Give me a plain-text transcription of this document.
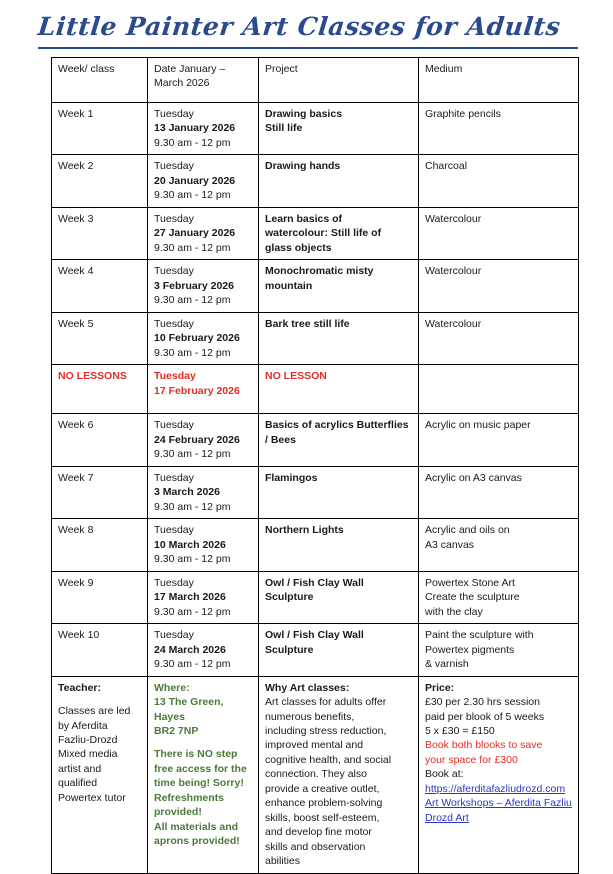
Little Painter Art Classes for Adults
Week/ class	Date January –
March 2026	Project	Medium

Week 1	Tuesday
13 January 2026
9.30 am - 12 pm	Drawing basics
Still life	Graphite pencils

Week 2	Tuesday
20 January 2026
9.30 am - 12 pm	Drawing hands	Charcoal

Week 3	Tuesday
27 January 2026
9.30 am - 12 pm	Learn basics of
watercolour: Still life of
glass objects	Watercolour

Week 4	Tuesday
3 February 2026
9.30 am - 12 pm	Monochromatic misty
mountain	Watercolour

Week 5	Tuesday
10 February 2026
9.30 am - 12 pm	Bark tree still life	Watercolour

NO LESSONS	Tuesday
17 February 2026	NO LESSON	

Week 6	Tuesday
24 February 2026
9.30 am - 12 pm	Basics of acrylics Butterflies
/ Bees	Acrylic on music paper

Week 7	Tuesday
3 March 2026
9.30 am - 12 pm	Flamingos	Acrylic on A3 canvas

Week 8	Tuesday
10 March 2026
9.30 am - 12 pm	Northern Lights	Acrylic and oils on
A3 canvas

Week 9	Tuesday
17 March 2026
9.30 am - 12 pm	Owl / Fish Clay Wall
Sculpture	Powertex Stone Art
Create the sculpture
with the clay

Week 10	Tuesday
24 March 2026
9.30 am - 12 pm	Owl / Fish Clay Wall
Sculpture	Paint the sculpture with
Powertex pigments
& varnish

Teacher:
Classes are led
by Aferdita
Fazliu-Drozd
Mixed media
artist and
qualified
Powertex tutor

Where:
13 The Green,
Hayes
BR2 7NP
There is NO step
free access for the
time being! Sorry!
Refreshments
provided!
All materials and
aprons provided!

Why Art classes:
Art classes for adults offer
numerous benefits,
including stress reduction,
improved mental and
cognitive health, and social
connection. They also
provide a creative outlet,
enhance problem-solving
skills, boost self-esteem,
and develop fine motor
skills and observation
abilities

Price:
£30 per 2.30 hrs session
paid per blook of 5 weeks
5 x £30 = £150
Book both blooks to save
your space for £300
Book at:
https://aferditafazliudrozd.com
Art Workshops – Aferdita Fazliu Drozd Art
